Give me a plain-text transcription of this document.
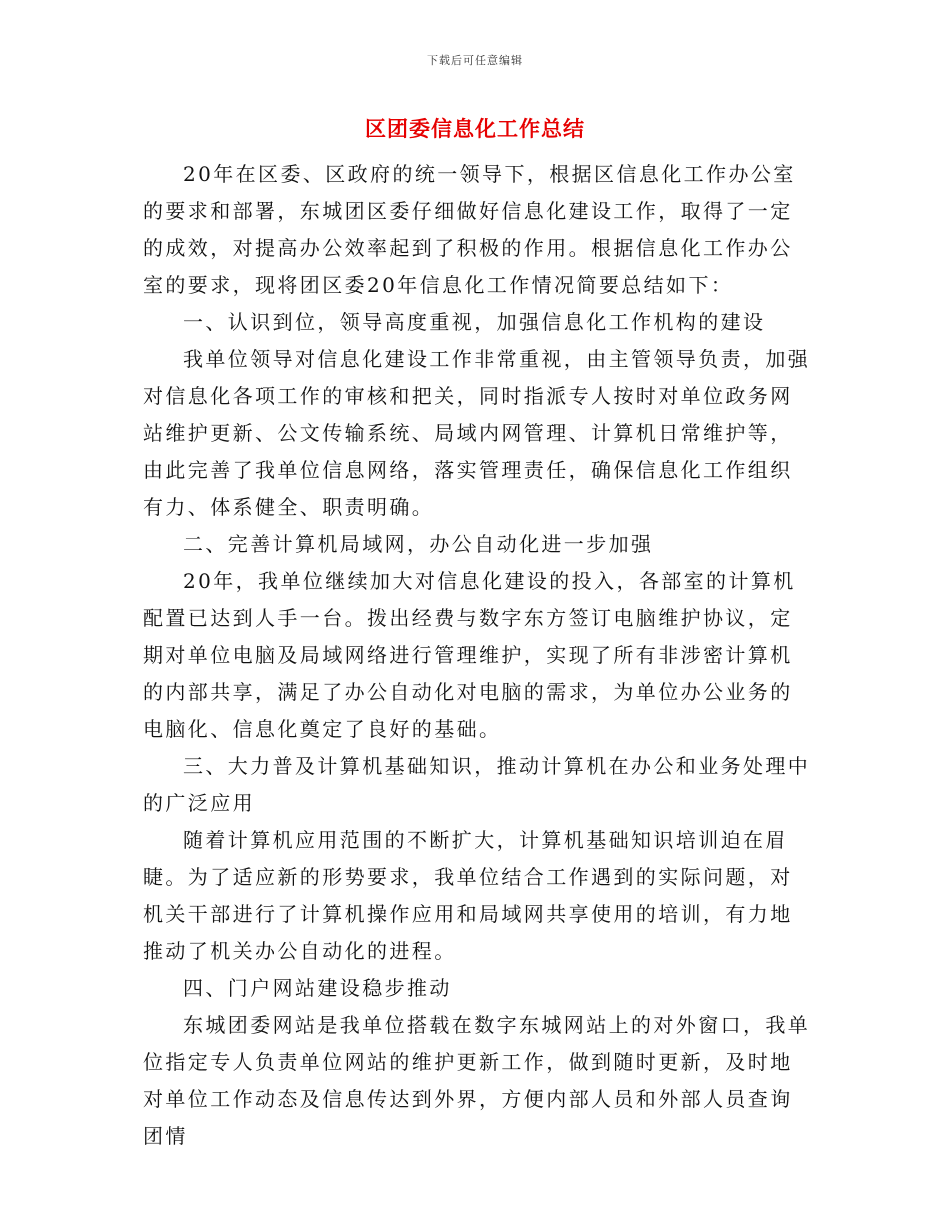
下载后可任意编辑
区团委信息化工作总结

20年在区委、区政府的统一领导下，根据区信息化工作办公室的要求和部署，东城团区委仔细做好信息化建设工作，取得了一定的成效，对提高办公效率起到了积极的作用。根据信息化工作办公室的要求，现将团区委20年信息化工作情况简要总结如下：

一、认识到位，领导高度重视，加强信息化工作机构的建设

我单位领导对信息化建设工作非常重视，由主管领导负责，加强对信息化各项工作的审核和把关，同时指派专人按时对单位政务网站维护更新、公文传输系统、局域内网管理、计算机日常维护等，由此完善了我单位信息网络，落实管理责任，确保信息化工作组织有力、体系健全、职责明确。

二、完善计算机局域网，办公自动化进一步加强

20年，我单位继续加大对信息化建设的投入，各部室的计算机配置已达到人手一台。拨出经费与数字东方签订电脑维护协议，定期对单位电脑及局域网络进行管理维护，实现了所有非涉密计算机的内部共享，满足了办公自动化对电脑的需求，为单位办公业务的电脑化、信息化奠定了良好的基础。

三、大力普及计算机基础知识，推动计算机在办公和业务处理中的广泛应用

随着计算机应用范围的不断扩大，计算机基础知识培训迫在眉睫。为了适应新的形势要求，我单位结合工作遇到的实际问题，对机关干部进行了计算机操作应用和局域网共享使用的培训，有力地推动了机关办公自动化的进程。

四、门户网站建设稳步推动

东城团委网站是我单位搭载在数字东城网站上的对外窗口，我单位指定专人负责单位网站的维护更新工作，做到随时更新，及时地对单位工作动态及信息传达到外界，方便内部人员和外部人员查询团情
